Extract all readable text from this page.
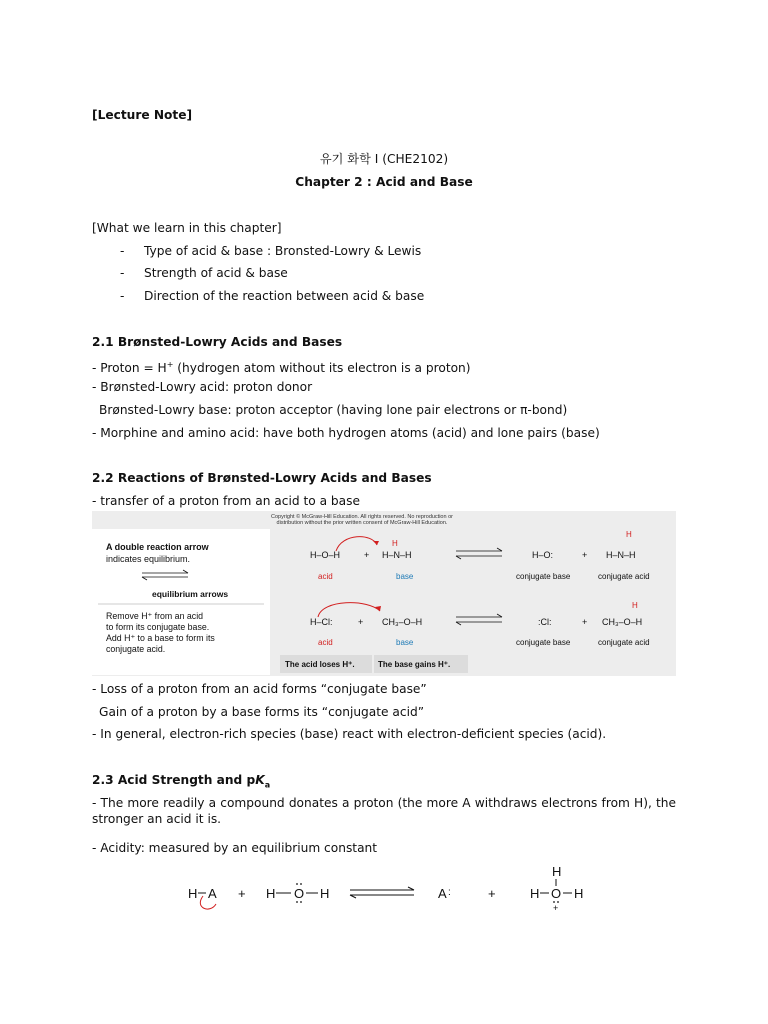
[Lecture Note]
유기 화학 I (CHE2102)
Chapter 2 : Acid and Base
[What we learn in this chapter]
- Type of acid & base : Bronsted-Lowry & Lewis
- Strength of acid & base
- Direction of the reaction between acid & base
2.1 Brønsted-Lowry Acids and Bases
- Proton = H+ (hydrogen atom without its electron is a proton)
- Brønsted-Lowry acid: proton donor
Brønsted-Lowry base: proton acceptor (having lone pair electrons or π-bond)
- Morphine and amino acid: have both hydrogen atoms (acid) and lone pairs (base)
2.2 Reactions of Brønsted-Lowry Acids and Bases
- transfer of a proton from an acid to a base
Copyright © McGraw-Hill Education. All rights reserved. No reproduction or
distribution without the prior written consent of McGraw-Hill Education.
A double reaction arrow
indicates equilibrium.
equilibrium arrows
Remove H⁺ from an acid
to form its conjugate base.
Add H⁺ to a base to form its
conjugate acid.
H–O–H	+ H–N–H
H
acid	base
H–O:	+ H–N–H
H
conjugate base	conjugate acid
H–Cl:	+ CH₃–O–H
acid	base
:Cl:	+ CH₃–O–H
H
conjugate base	conjugate acid
The acid loses H⁺.	The base gains H⁺.
- Loss of a proton from an acid forms “conjugate base”
Gain of a proton by a base forms its “conjugate acid”
- In general, electron-rich species (base) react with electron-deficient species (acid).
2.3 Acid Strength and $pK_a$
- The more readily a compound donates a proton (the more A withdraws electrons from H), the stronger an acid it is.
- Acidity: measured by an equilibrium constant
H A + H O H	A :	+
H
H O H
+
